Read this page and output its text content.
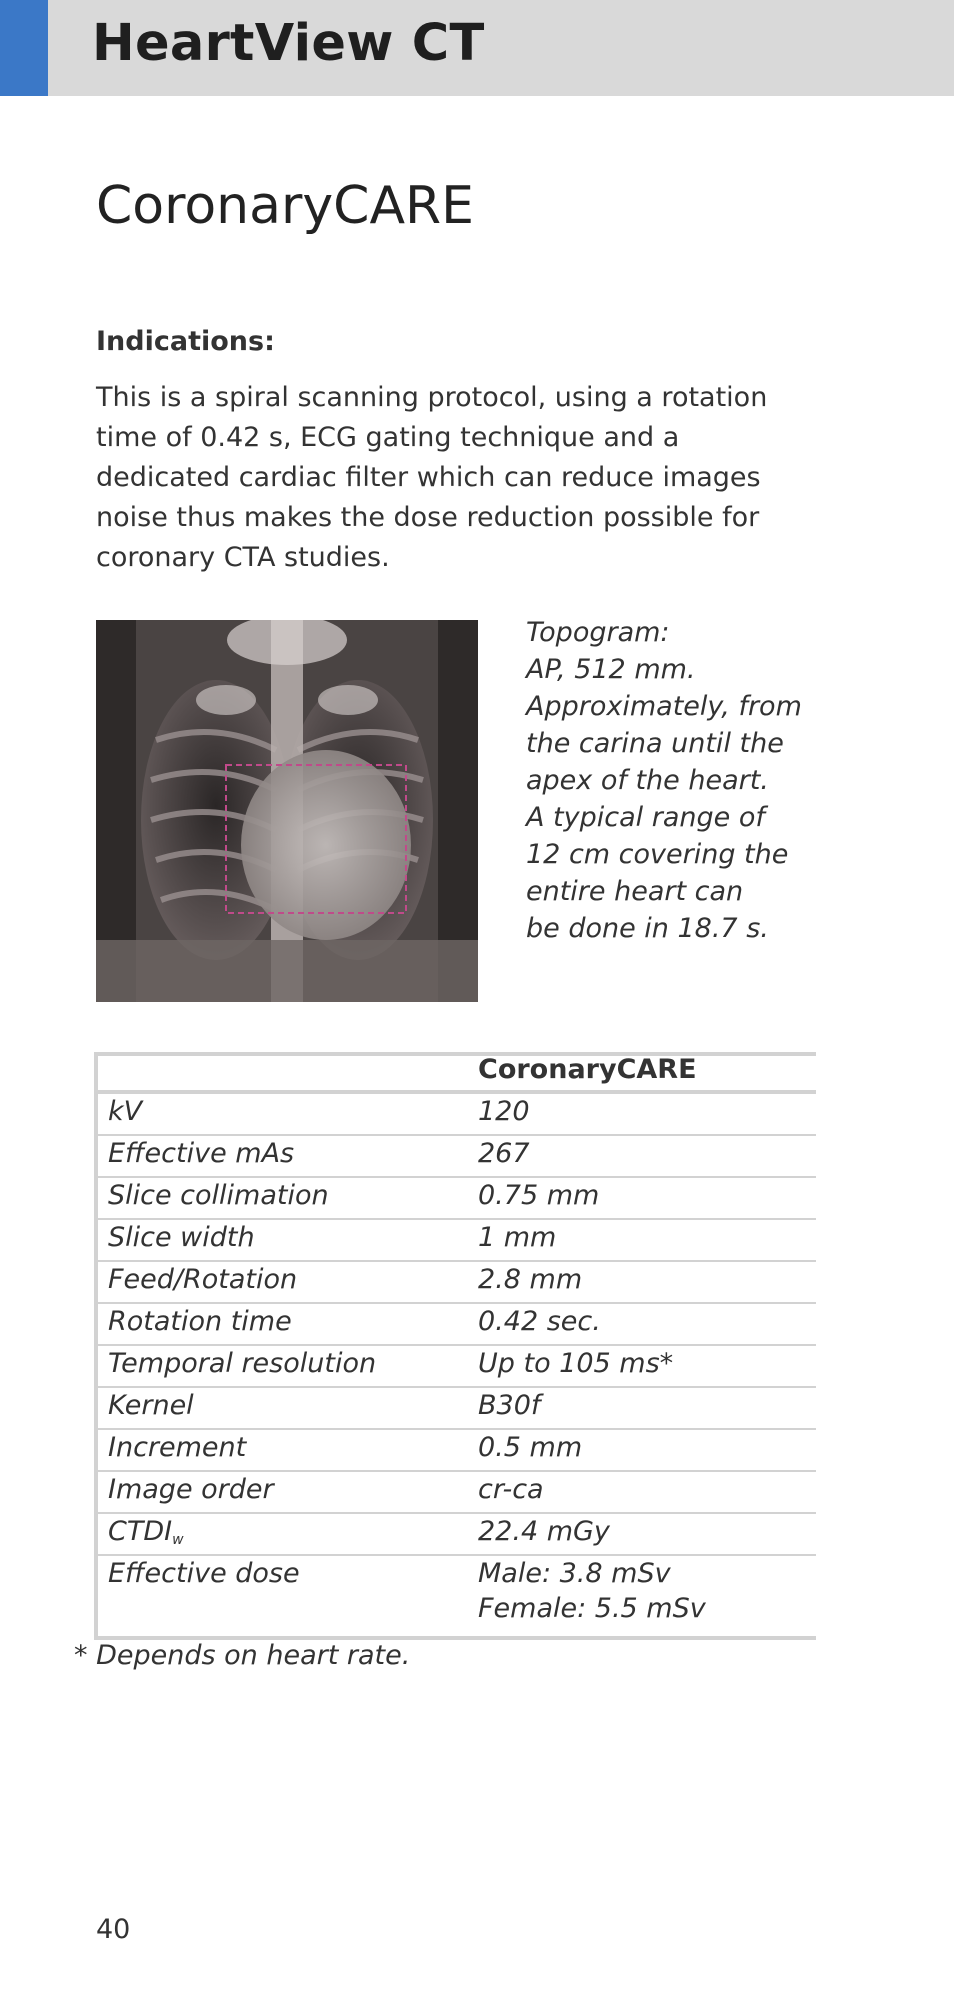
HeartView CT
CoronaryCARE
Indications:
This is a spiral scanning protocol, using a rotation time of 0.42 s, ECG gating technique and a dedicated cardiac filter which can reduce images noise thus makes the dose reduction possible for coronary CTA studies.
Topogram:
AP, 512 mm.
Approximately, from
the carina until the
apex of the heart.
A typical range of
12 cm covering the
entire heart can
be done in 18.7 s.
CoronaryCARE
kV	120
Effective mAs	267
Slice collimation	0.75 mm
Slice width	1 mm
Feed/Rotation	2.8 mm
Rotation time	0.42 sec.
Temporal resolution	Up to 105 ms*
Kernel	B30f
Increment	0.5 mm
Image order	cr-ca
$CTDI_w$	22.4 mGy
Effective dose	Male: 3.8 mSv
Female: 5.5 mSv
* Depends on heart rate.
40
